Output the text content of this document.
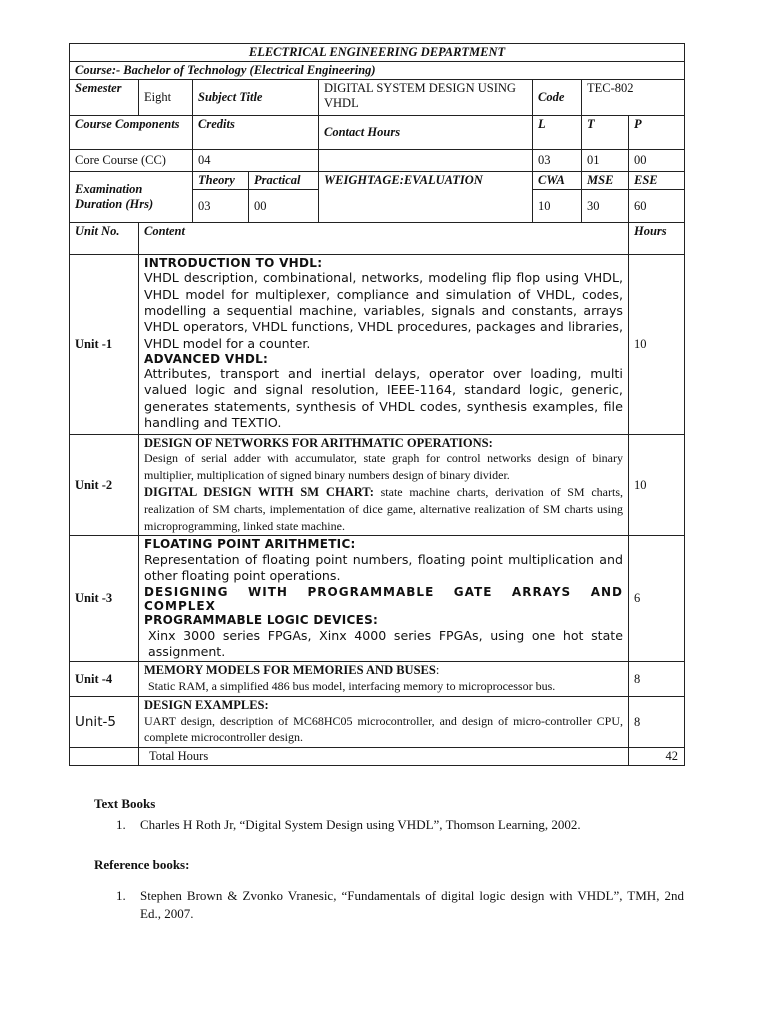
ELECTRICAL ENGINEERING DEPARTMENT							
Course:- Bachelor of Technology (Electrical Engineering)							
Semester	Eight	Subject Title		DIGITAL SYSTEM DESIGN USING VHDL	Code	TEC-802	
Course Components		Credits		Contact Hours	L	T	P
Core Course (CC)		04			03	01	00
Examination Duration (Hrs)		Theory	Practical	WEIGHTAGE:EVALUATION	CWA	MSE	ESE
		03	00		10	30	60
Unit No.	Content						Hours
Unit -1	INTRODUCTION TO VHDL:
VHDL description, combinational, networks, modeling flip flop using VHDL, VHDL model for multiplexer, compliance and simulation of VHDL, codes, modelling a sequential machine, variables, signals and constants, arrays VHDL operators, VHDL functions, VHDL procedures, packages and libraries, VHDL model for a counter.
ADVANCED VHDL:
Attributes, transport and inertial delays, operator over loading, multi valued logic and signal resolution, IEEE-1164, standard logic, generic, generates statements, synthesis of VHDL codes, synthesis examples, file handling and TEXTIO.						10
Unit -2	DESIGN OF NETWORKS FOR ARITHMATIC OPERATIONS:
Design of serial adder with accumulator, state graph for control networks design of binary multiplier, multiplication of signed binary numbers design of binary divider.
DIGITAL DESIGN WITH SM CHART: state machine charts, derivation of SM charts, realization of SM charts, implementation of dice game, alternative realization of SM charts using microprogramming, linked state machine.						10
Unit -3	FLOATING POINT ARITHMETIC:
Representation of floating point numbers, floating point multiplication and other floating point operations.
DESIGNING WITH PROGRAMMABLE GATE ARRAYS AND COMPLEX
PROGRAMMABLE LOGIC DEVICES:
Xinx 3000 series FPGAs, Xinx 4000 series FPGAs, using one hot state assignment.						6
Unit -4	MEMORY MODELS FOR MEMORIES AND BUSES:
Static RAM, a simplified 486 bus model, interfacing memory to microprocessor bus.						8
Unit-5	DESIGN EXAMPLES:
UART design, description of MC68HC05 microcontroller, and design of micro-controller CPU, complete microcontroller design.						8
	Total Hours						42
Text Books
1.	Charles H Roth Jr, “Digital System Design using VHDL”, Thomson Learning, 2002.
Reference books:
1.	Stephen Brown & Zvonko Vranesic, “Fundamentals of digital logic design with VHDL”, TMH, 2nd Ed., 2007.
